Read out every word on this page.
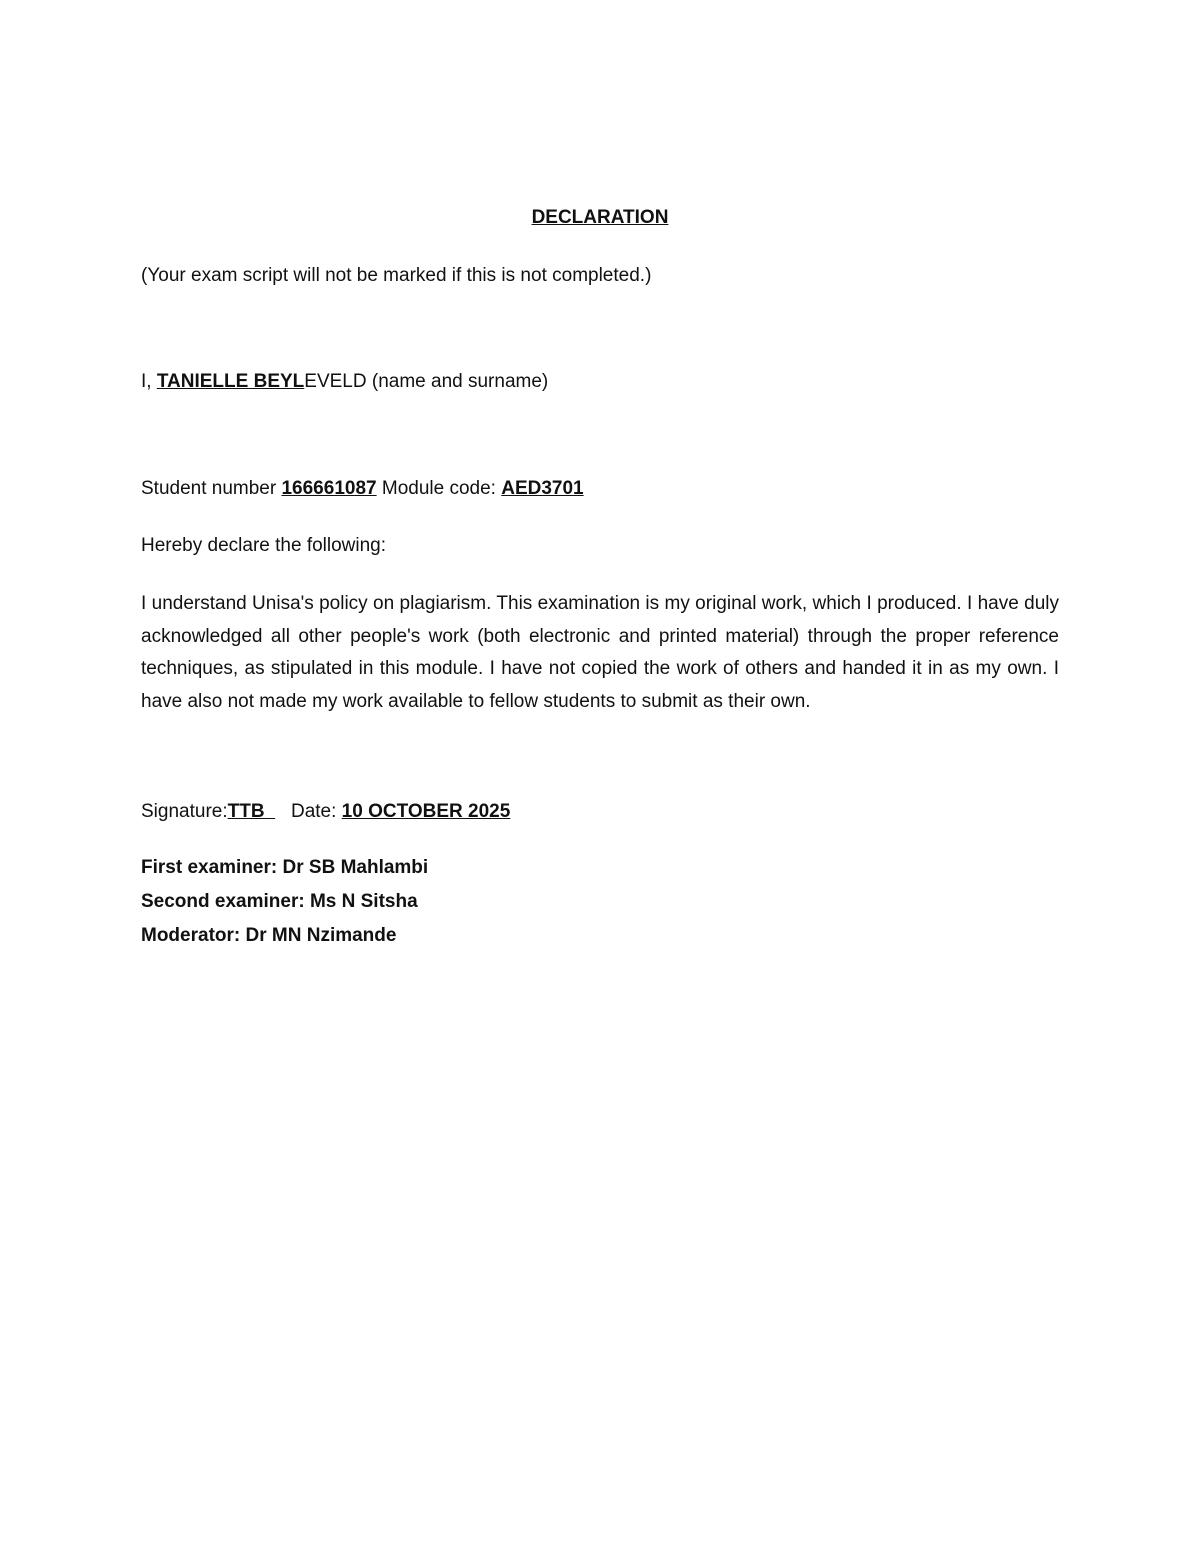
DECLARATION
(Your exam script will not be marked if this is not completed.)
I, TANIELLE BEYLEVELD (name and surname)
Student number 166661087 Module code: AED3701
Hereby declare the following:
I understand Unisa's policy on plagiarism. This examination is my original work, which I produced. I have duly acknowledged all other people's work (both electronic and printed material) through the proper reference techniques, as stipulated in this module. I have not copied the work of others and handed it in as my own. I have also not made my work available to fellow students to submit as their own.
Signature:TTB Date: 10 OCTOBER 2025
First examiner: Dr SB Mahlambi
Second examiner: Ms N Sitsha
Moderator: Dr MN Nzimande
